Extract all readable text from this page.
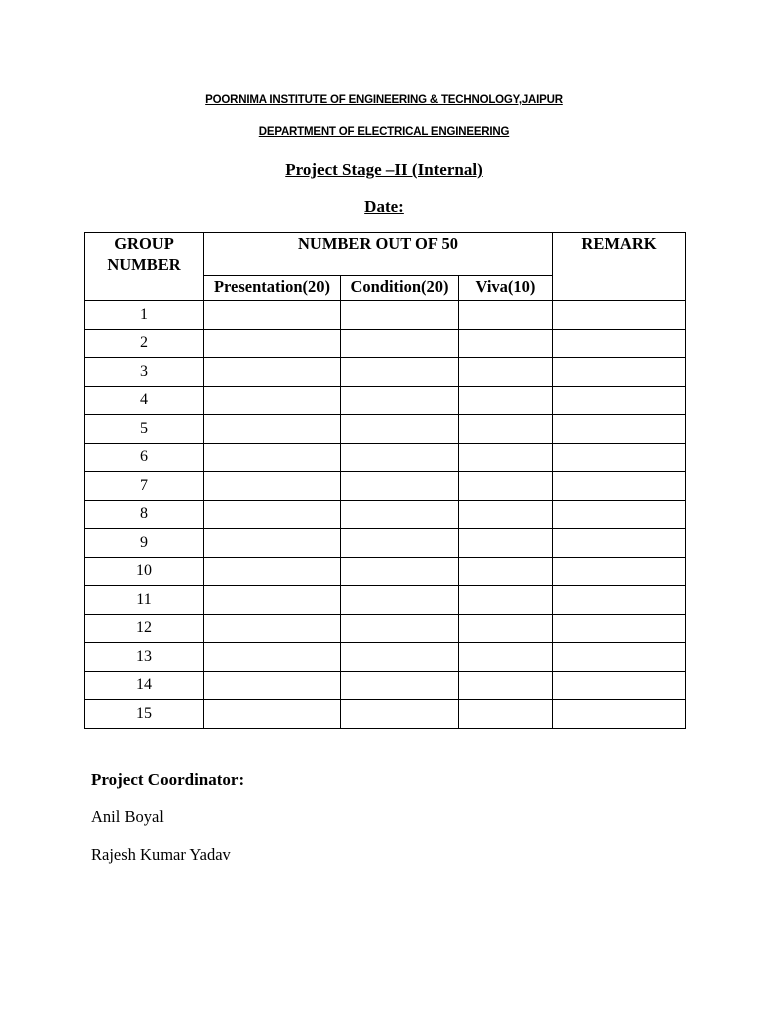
POORNIMA INSTITUTE OF ENGINEERING & TECHNOLOGY,JAIPUR
DEPARTMENT OF ELECTRICAL ENGINEERING
Project Stage –II (Internal)
Date:
GROUP NUMBER	NUMBER OUT OF 50			REMARK
	Presentation(20)	Condition(20)	Viva(10)	
1				
2				
3				
4				
5				
6				
7				
8				
9				
10				
11				
12				
13				
14				
15				
Project Coordinator:
Anil Boyal
Rajesh Kumar Yadav
